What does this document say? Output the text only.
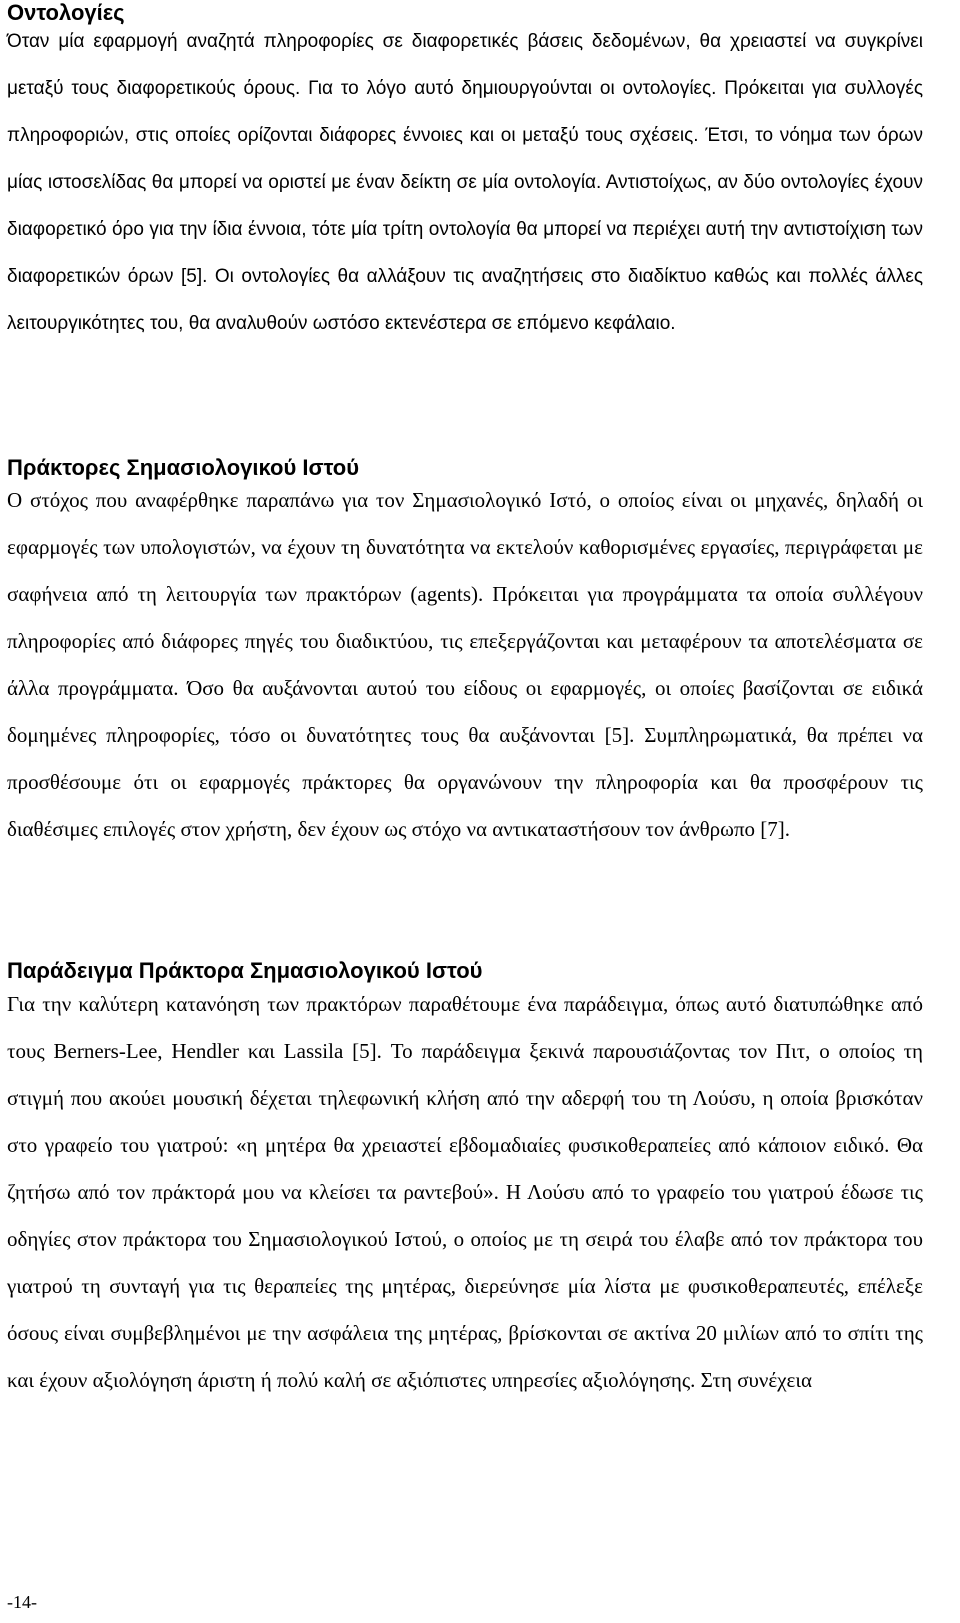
Οντολογίες

Όταν μία εφαρμογή αναζητά πληροφορίες σε διαφορετικές βάσεις δεδομένων, θα χρειαστεί να συγκρίνει μεταξύ τους διαφορετικούς όρους. Για το λόγο αυτό δημιουργούνται οι οντολογίες. Πρόκειται για συλλογές πληροφοριών, στις οποίες ορίζονται διάφορες έννοιες και οι μεταξύ τους σχέσεις. Έτσι, το νόημα των όρων μίας ιστοσελίδας θα μπορεί να οριστεί με έναν δείκτη σε μία οντολογία. Αντιστοίχως, αν δύο οντολογίες έχουν διαφορετικό όρο για την ίδια έννοια, τότε μία τρίτη οντολογία θα μπορεί να περιέχει αυτή την αντιστοίχιση των διαφορετικών όρων [5]. Οι οντολογίες θα αλλάξουν τις αναζητήσεις στο διαδίκτυο καθώς και πολλές άλλες λειτουργικότητες του, θα αναλυθούν ωστόσο εκτενέστερα σε επόμενο κεφάλαιο.

Πράκτορες Σημασιολογικού Ιστού

Ο στόχος που αναφέρθηκε παραπάνω για τον Σημασιολογικό Ιστό, ο οποίος είναι οι μηχανές, δηλαδή οι εφαρμογές των υπολογιστών, να έχουν τη δυνατότητα να εκτελούν καθορισμένες εργασίες, περιγράφεται με σαφήνεια από τη λειτουργία των πρακτόρων (agents). Πρόκειται για προγράμματα τα οποία συλλέγουν πληροφορίες από διάφορες πηγές του διαδικτύου, τις επεξεργάζονται και μεταφέρουν τα αποτελέσματα σε άλλα προγράμματα. Όσο θα αυξάνονται αυτού του είδους οι εφαρμογές, οι οποίες βασίζονται σε ειδικά δομημένες πληροφορίες, τόσο οι δυνατότητες τους θα αυξάνονται [5]. Συμπληρωματικά, θα πρέπει να προσθέσουμε ότι οι εφαρμογές πράκτορες θα οργανώνουν την πληροφορία και θα προσφέρουν τις διαθέσιμες επιλογές στον χρήστη, δεν έχουν ως στόχο να αντικαταστήσουν τον άνθρωπο [7].

Παράδειγμα Πράκτορα Σημασιολογικού Ιστού

Για την καλύτερη κατανόηση των πρακτόρων παραθέτουμε ένα παράδειγμα, όπως αυτό διατυπώθηκε από τους Berners-Lee, Hendler και Lassila [5]. Το παράδειγμα ξεκινά παρουσιάζοντας τον Πιτ, ο οποίος τη στιγμή που ακούει μουσική δέχεται τηλεφωνική κλήση από την αδερφή του τη Λούσυ, η οποία βρισκόταν στο γραφείο του γιατρού: «η μητέρα θα χρειαστεί εβδομαδιαίες φυσικοθεραπείες από κάποιον ειδικό. Θα ζητήσω από τον πράκτορά μου να κλείσει τα ραντεβού». Η Λούσυ από το γραφείο του γιατρού έδωσε τις οδηγίες στον πράκτορα του Σημασιολογικού Ιστού, ο οποίος με τη σειρά του έλαβε από τον πράκτορα του γιατρού τη συνταγή για τις θεραπείες της μητέρας, διερεύνησε μία λίστα με φυσικοθεραπευτές, επέλεξε όσους είναι συμβεβλημένοι με την ασφάλεια της μητέρας, βρίσκονται σε ακτίνα 20 μιλίων από το σπίτι της και έχουν αξιολόγηση άριστη ή πολύ καλή σε αξιόπιστες υπηρεσίες αξιολόγησης. Στη συνέχεια

-14-
